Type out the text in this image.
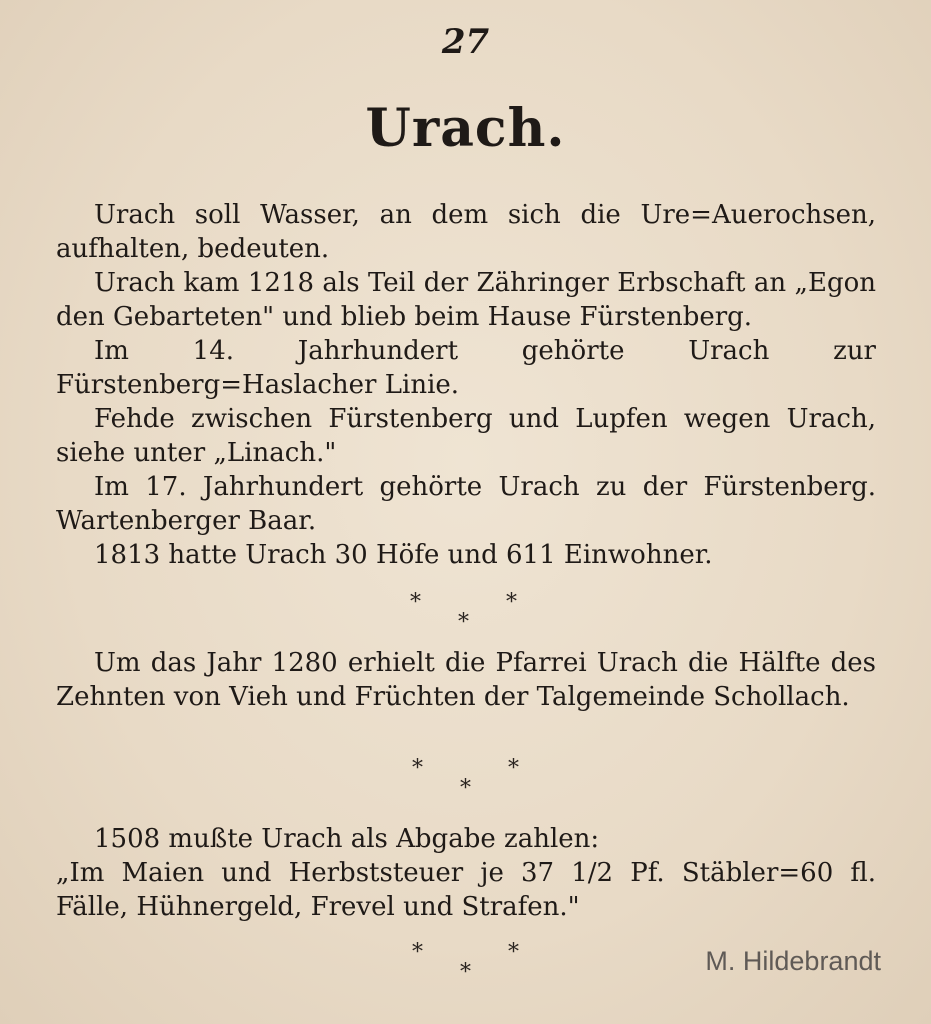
27
Urach.

Urach soll Wasser, an dem sich die Ure=Auerochsen, aufhalten, bedeuten.

Urach kam 1218 als Teil der Zähringer Erbschaft an „Egon den Gebarteten" und blieb beim Hause Fürstenberg.

Im 14. Jahrhundert gehörte Urach zur Fürstenberg=Haslacher Linie.

Fehde zwischen Fürstenberg und Lupfen wegen Urach, siehe unter „Linach."

Im 17. Jahrhundert gehörte Urach zu der Fürstenberg. Wartenberger Baar.

1813 hatte Urach 30 Höfe und 611 Einwohner.

*	*
*

Um das Jahr 1280 erhielt die Pfarrei Urach die Hälfte des Zehnten von Vieh und Früchten der Talgemeinde Schollach.

*	*
*

1508 mußte Urach als Abgabe zahlen:

„Im Maien und Herbststeuer je 37 1/2 Pf. Stäbler=60 fl. Fälle, Hühnergeld, Frevel und Strafen."

*	*
*	M. Hildebrandt
